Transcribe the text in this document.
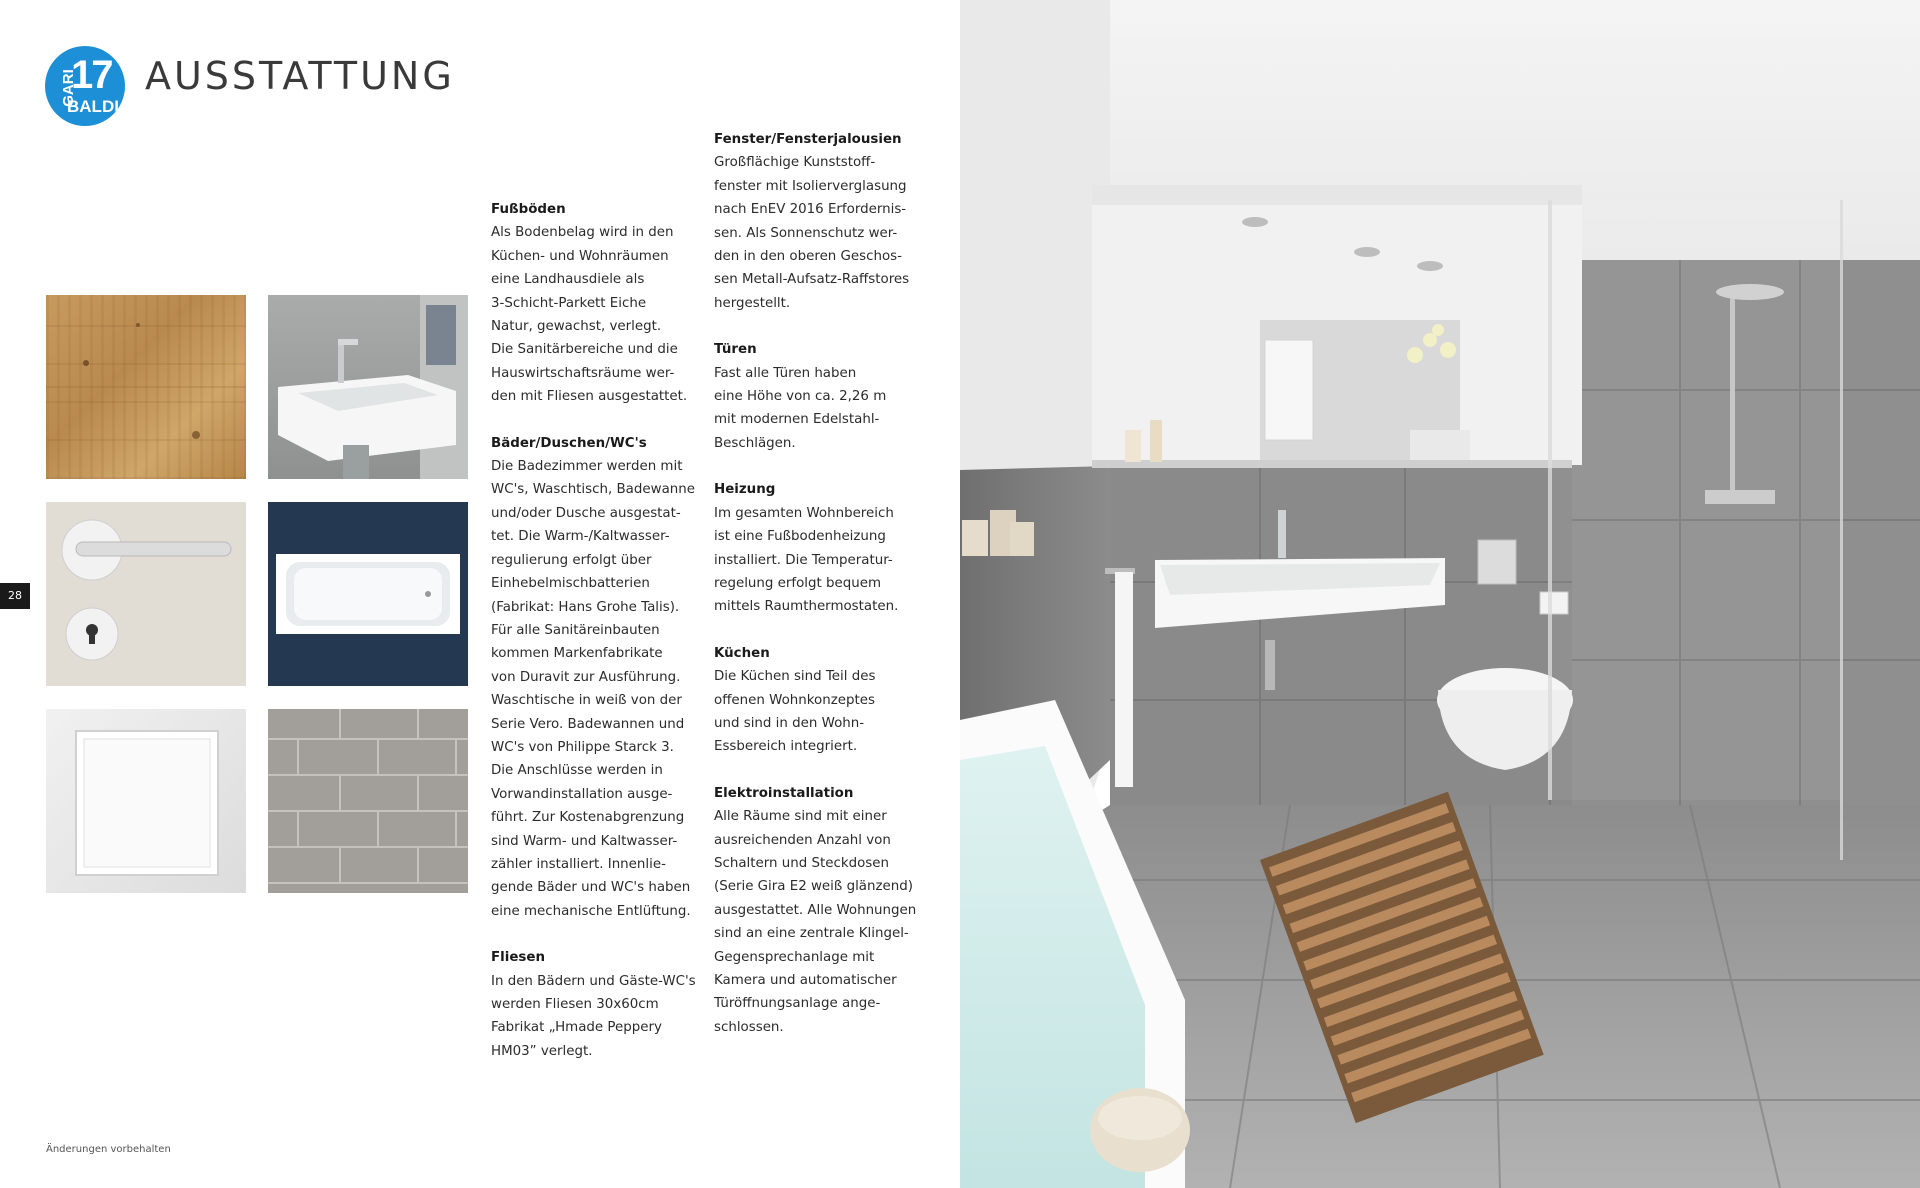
17
GARI
BALDI
AUSSTATTUNG
28
Fußböden

Als Bodenbelag wird in den
Küchen- und Wohnräumen
eine Landhausdiele als
3-Schicht-Parkett Eiche
Natur, gewachst, verlegt.
Die Sanitärbereiche und die
Hauswirtschaftsräume wer-
den mit Fliesen ausgestattet.

Bäder/Duschen/WC's

Die Badezimmer werden mit
WC's, Waschtisch, Badewanne
und/oder Dusche ausgestat-
tet. Die Warm-/Kaltwasser-
regulierung erfolgt über
Einhebelmischbatterien
(Fabrikat: Hans Grohe Talis).
Für alle Sanitäreinbauten
kommen Markenfabrikate
von Duravit zur Ausführung.
Waschtische in weiß von der
Serie Vero. Badewannen und
WC's von Philippe Starck 3.
Die Anschlüsse werden in
Vorwandinstallation ausge-
führt. Zur Kostenabgrenzung
sind Warm- und Kaltwasser-
zähler installiert. Innenlie-
gende Bäder und WC's haben
eine mechanische Entlüftung.

Fliesen

In den Bädern und Gäste-WC's
werden Fliesen 30x60cm
Fabrikat „Hmade Peppery
HM03” verlegt.

Fenster/Fensterjalousien

Großflächige Kunststoff-
fenster mit Isolierverglasung
nach EnEV 2016 Erfordernis-
sen. Als Sonnenschutz wer-
den in den oberen Geschos-
sen Metall-Aufsatz-Raffstores
hergestellt.

Türen

Fast alle Türen haben
eine Höhe von ca. 2,26 m
mit modernen Edelstahl-
Beschlägen.

Heizung

Im gesamten Wohnbereich
ist eine Fußbodenheizung
installiert. Die Temperatur-
regelung erfolgt bequem
mittels Raumthermostaten.

Küchen

Die Küchen sind Teil des
offenen Wohnkonzeptes
und sind in den Wohn-
Essbereich integriert.

Elektroinstallation

Alle Räume sind mit einer
ausreichenden Anzahl von
Schaltern und Steckdosen
(Serie Gira E2 weiß glänzend)
ausgestattet. Alle Wohnungen
sind an eine zentrale Klingel-
Gegensprechanlage mit
Kamera und automatischer
Türöffnungsanlage ange-
schlossen.

Änderungen vorbehalten
